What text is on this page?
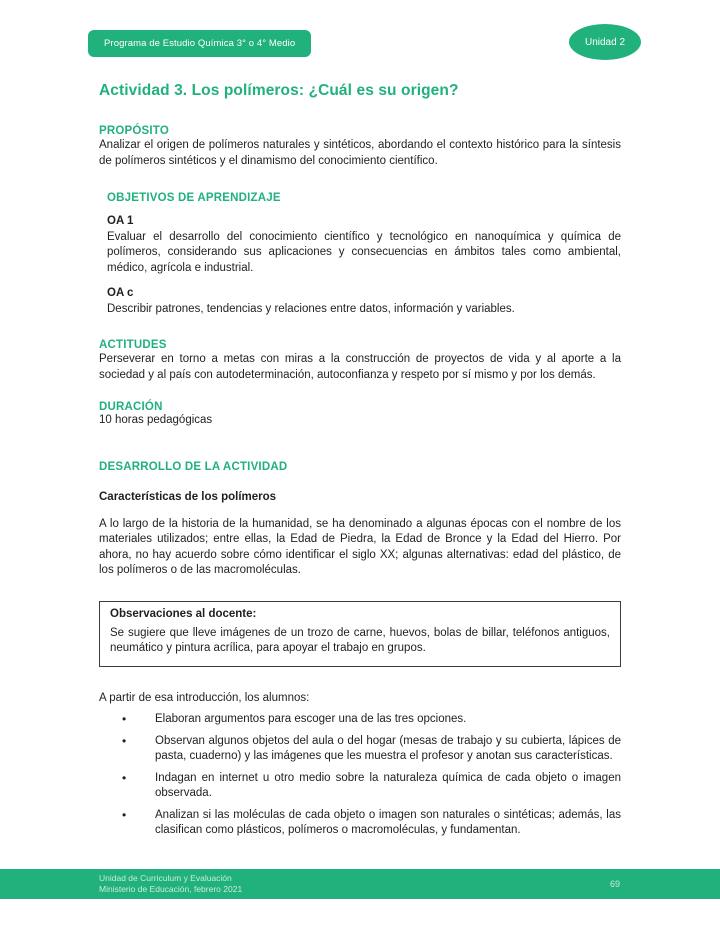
Programa de Estudio Química 3° o 4° Medio	Unidad 2
Actividad 3. Los polímeros: ¿Cuál es su origen?
PROPÓSITO
Analizar el origen de polímeros naturales y sintéticos, abordando el contexto histórico para la síntesis de polímeros sintéticos y el dinamismo del conocimiento científico.
OBJETIVOS DE APRENDIZAJE
OA 1
Evaluar el desarrollo del conocimiento científico y tecnológico en nanoquímica y química de polímeros, considerando sus aplicaciones y consecuencias en ámbitos tales como ambiental, médico, agrícola e industrial.
OA c
Describir patrones, tendencias y relaciones entre datos, información y variables.
ACTITUDES
Perseverar en torno a metas con miras a la construcción de proyectos de vida y al aporte a la sociedad y al país con autodeterminación, autoconfianza y respeto por sí mismo y por los demás.
DURACIÓN
10 horas pedagógicas
DESARROLLO DE LA ACTIVIDAD
Características de los polímeros
A lo largo de la historia de la humanidad, se ha denominado a algunas épocas con el nombre de los materiales utilizados; entre ellas, la Edad de Piedra, la Edad de Bronce y la Edad del Hierro. Por ahora, no hay acuerdo sobre cómo identificar el siglo XX; algunas alternativas: edad del plástico, de los polímeros o de las macromoléculas.
Observaciones al docente:
Se sugiere que lleve imágenes de un trozo de carne, huevos, bolas de billar, teléfonos antiguos, neumático y pintura acrílica, para apoyar el trabajo en grupos.
A partir de esa introducción, los alumnos:
• Elaboran argumentos para escoger una de las tres opciones.
• Observan algunos objetos del aula o del hogar (mesas de trabajo y su cubierta, lápices de pasta, cuaderno) y las imágenes que les muestra el profesor y anotan sus características.
• Indagan en internet u otro medio sobre la naturaleza química de cada objeto o imagen observada.
• Analizan si las moléculas de cada objeto o imagen son naturales o sintéticas; además, las clasifican como plásticos, polímeros o macromoléculas, y fundamentan.
Unidad de Curriculum y Evaluación
Ministerio de Educación, febrero 2021	69
